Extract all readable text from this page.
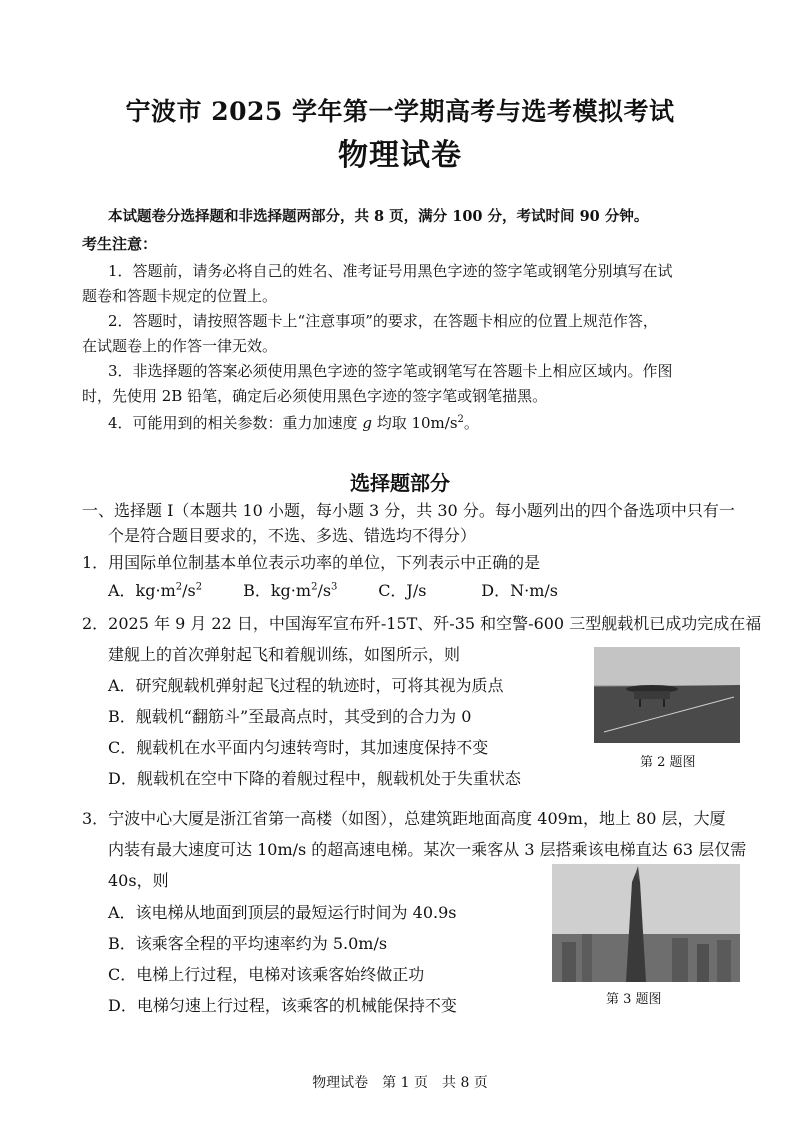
宁波市 2025 学年第一学期高考与选考模拟考试
物理试卷
本试题卷分选择题和非选择题两部分，共 8 页，满分 100 分，考试时间 90 分钟。
考生注意：
1．答题前，请务必将自己的姓名、准考证号用黑色字迹的签字笔或钢笔分别填写在试
题卷和答题卡规定的位置上。
2．答题时，请按照答题卡上“注意事项”的要求，在答题卡相应的位置上规范作答，
在试题卷上的作答一律无效。
3．非选择题的答案必须使用黑色字迹的签字笔或钢笔写在答题卡上相应区域内。作图
时，先使用 2B 铅笔，确定后必须使用黑色字迹的签字笔或钢笔描黑。
4．可能用到的相关参数：重力加速度 g 均取 $10m/s^2$。
选择题部分
一、选择题 Ⅰ（本题共 10 小题，每小题 3 分，共 30 分。每小题列出的四个备选项中只有一
个是符合题目要求的，不选、多选、错选均不得分）
1．用国际单位制基本单位表示功率的单位，下列表示中正确的是
A．$kg\cdot m^2/s^2$	B．$kg\cdot m^2/s^3$	C．J/s	D．N·m/s
2．2025 年 9 月 22 日，中国海军宣布歼-15T、歼-35 和空警-600 三型舰载机已成功完成在福
建舰上的首次弹射起飞和着舰训练，如图所示，则
A．研究舰载机弹射起飞过程的轨迹时，可将其视为质点
B．舰载机“翻筋斗”至最高点时，其受到的合力为 0
C．舰载机在水平面内匀速转弯时，其加速度保持不变
D．舰载机在空中下降的着舰过程中，舰载机处于失重状态
第 2 题图
3．宁波中心大厦是浙江省第一高楼（如图），总建筑距地面高度 409m，地上 80 层，大厦
内装有最大速度可达 10m/s 的超高速电梯。某次一乘客从 3 层搭乘该电梯直达 63 层仅需
40s，则
A．该电梯从地面到顶层的最短运行时间为 40.9s
B．该乘客全程的平均速率约为 5.0m/s
C．电梯上行过程，电梯对该乘客始终做正功
D．电梯匀速上行过程，该乘客的机械能保持不变	第 3 题图
物理试卷　第 1 页　共 8 页
